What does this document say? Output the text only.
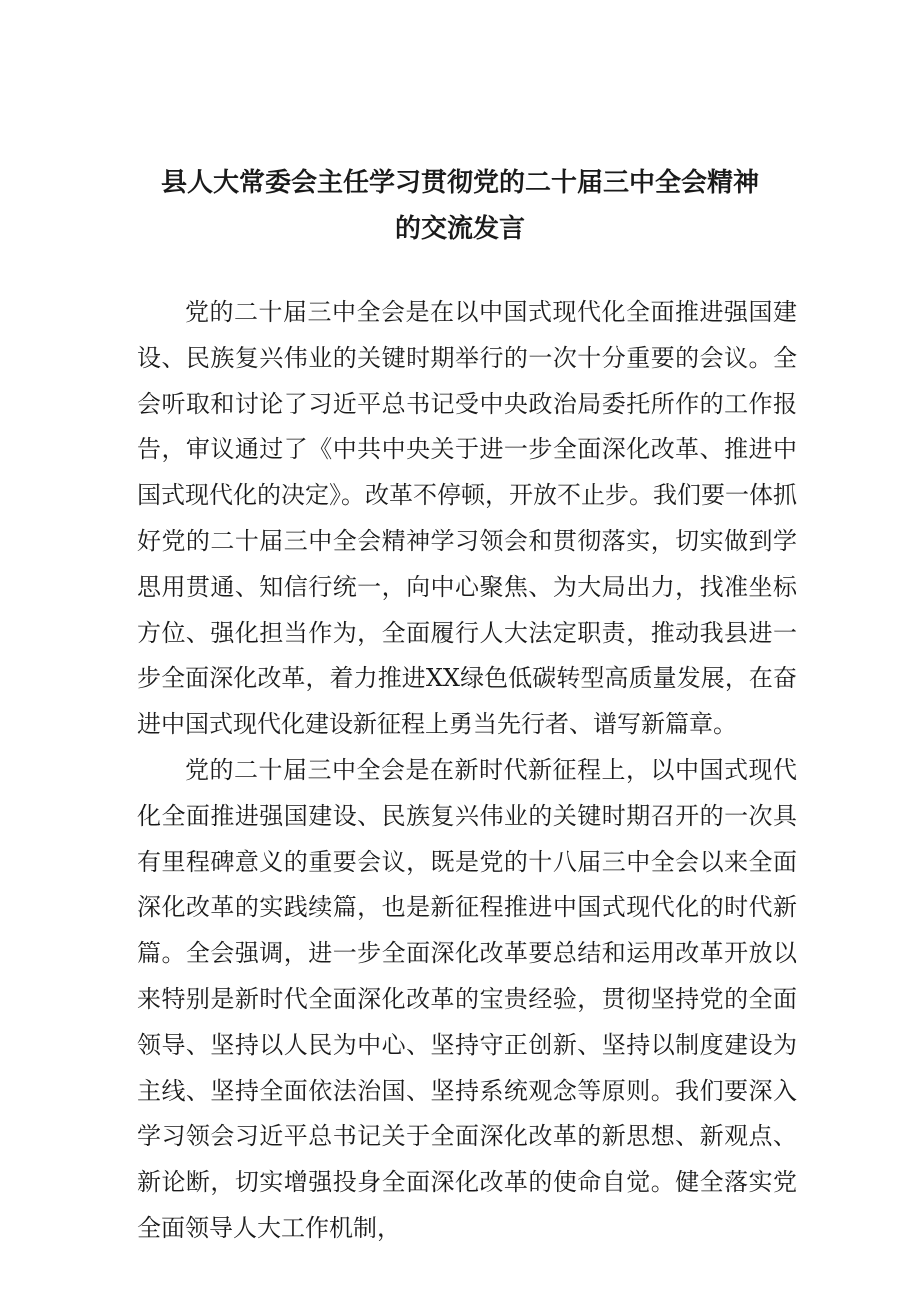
县人大常委会主任学习贯彻党的二十届三中全会精神
的交流发言

党的二十届三中全会是在以中国式现代化全面推进强国建设、民族复兴伟业的关键时期举行的一次十分重要的会议。全会听取和讨论了习近平总书记受中央政治局委托所作的工作报告，审议通过了《中共中央关于进一步全面深化改革、推进中国式现代化的决定》。改革不停顿，开放不止步。我们要一体抓好党的二十届三中全会精神学习领会和贯彻落实，切实做到学思用贯通、知信行统一，向中心聚焦、为大局出力，找准坐标方位、强化担当作为，全面履行人大法定职责，推动我县进一步全面深化改革，着力推进XX绿色低碳转型高质量发展，在奋进中国式现代化建设新征程上勇当先行者、谱写新篇章。

党的二十届三中全会是在新时代新征程上，以中国式现代化全面推进强国建设、民族复兴伟业的关键时期召开的一次具有里程碑意义的重要会议，既是党的十八届三中全会以来全面深化改革的实践续篇，也是新征程推进中国式现代化的时代新篇。全会强调，进一步全面深化改革要总结和运用改革开放以来特别是新时代全面深化改革的宝贵经验，贯彻坚持党的全面领导、坚持以人民为中心、坚持守正创新、坚持以制度建设为主线、坚持全面依法治国、坚持系统观念等原则。我们要深入学习领会习近平总书记关于全面深化改革的新思想、新观点、新论断，切实增强投身全面深化改革的使命自觉。健全落实党全面领导人大工作机制，
